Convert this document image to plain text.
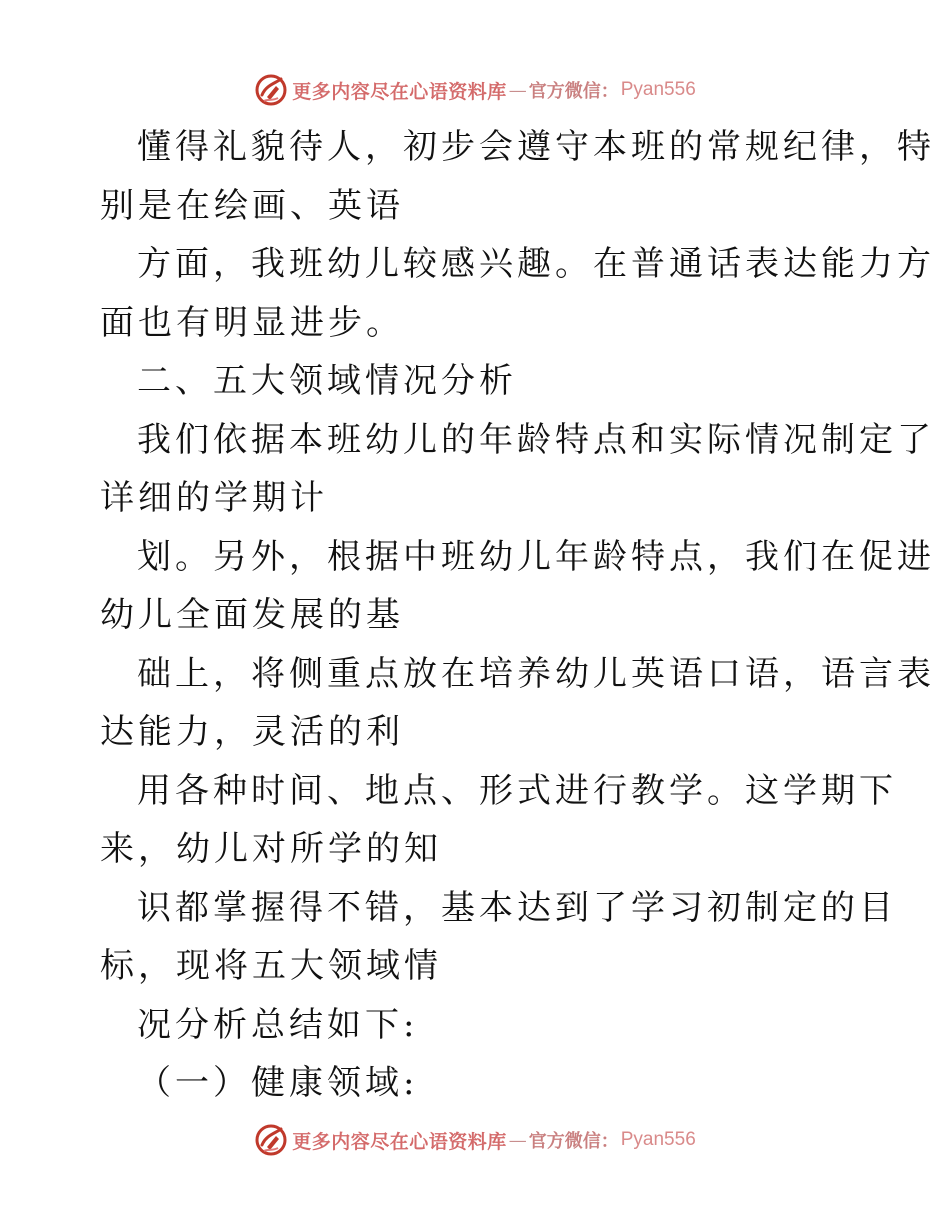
更多内容尽在心语资料库 — 官方微信： Pyan556
懂得礼貌待人，初步会遵守本班的常规纪律，特
别是在绘画、英语
方面，我班幼儿较感兴趣。在普通话表达能力方
面也有明显进步。
二、五大领域情况分析
我们依据本班幼儿的年龄特点和实际情况制定了
详细的学期计
划。另外，根据中班幼儿年龄特点，我们在促进
幼儿全面发展的基
础上，将侧重点放在培养幼儿英语口语，语言表
达能力，灵活的利
用各种时间、地点、形式进行教学。这学期下
来，幼儿对所学的知
识都掌握得不错，基本达到了学习初制定的目
标，现将五大领域情
况分析总结如下:
（一）健康领域:
更多内容尽在心语资料库 — 官方微信： Pyan556
